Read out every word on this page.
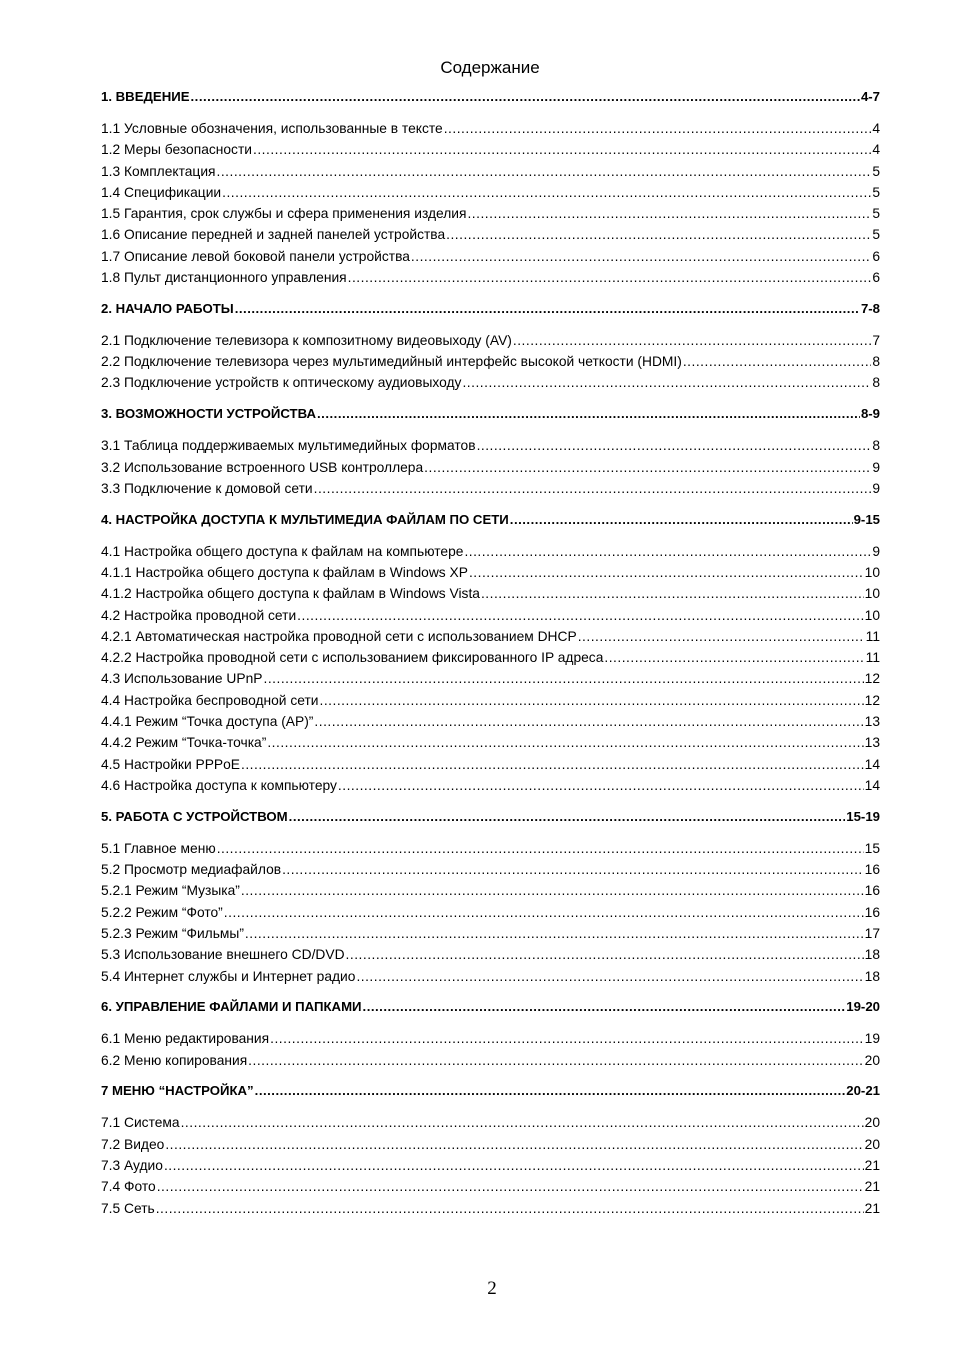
Содержание
1. ВВЕДЕНИЕ .....	4-7
1.1 Условные обозначения, использованные в тексте .....	4
1.2 Меры безопасности .....	4
1.3 Комплектация .....	5
1.4 Спецификации .....	5
1.5 Гарантия, срок службы и сфера применения изделия .....	5
1.6 Описание передней и задней панелей устройства .....	5
1.7 Описание левой боковой панели устройства .....	6
1.8 Пульт дистанционного управления .....	6
2. НАЧАЛО РАБОТЫ .....	7-8
2.1 Подключение телевизора к композитному видеовыходу (AV) .....	7
2.2 Подключение телевизора через мультимедийный интерфейс высокой четкости (HDMI) .....	8
2.3 Подключение устройств к оптическому аудиовыходу .....	8
3. ВОЗМОЖНОСТИ УСТРОЙСТВА .....	8-9
3.1 Таблица поддерживаемых мультимедийных форматов .....	8
3.2 Использование встроенного USB контроллера .....	9
3.3 Подключение к домовой сети .....	9
4. НАСТРОЙКА ДОСТУПА К МУЛЬТИМЕДИА ФАЙЛАМ ПО СЕТИ .....	9-15
4.1 Настройка общего доступа к файлам на компьютере .....	9
4.1.1 Настройка общего доступа к файлам в Windows XP .....	10
4.1.2 Настройка общего доступа к файлам в Windows Vista .....	10
4.2 Настройка проводной сети .....	10
4.2.1 Автоматическая настройка проводной сети с использованием DHCP .....	11
4.2.2 Настройка проводной сети с использованием фиксированного IP адреса .....	11
4.3 Использование UPnP .....	12
4.4 Настройка беспроводной сети .....	12
4.4.1 Режим “Точка доступа (AP)” .....	13
4.4.2 Режим “Точка-точка” .....	13
4.5 Настройки PPPoE .....	14
4.6 Настройка доступа к компьютеру .....	14
5. РАБОТА С УСТРОЙСТВОМ .....	15-19
5.1 Главное меню .....	15
5.2 Просмотр медиафайлов .....	16
5.2.1 Режим “Музыка” .....	16
5.2.2 Режим “Фото” .....	16
5.2.3 Режим “Фильмы” .....	17
5.3 Использование внешнего CD/DVD .....	18
5.4 Интернет службы и Интернет радио .....	18
6. УПРАВЛЕНИЕ ФАЙЛАМИ И ПАПКАМИ .....	19-20
6.1 Меню редактирования .....	19
6.2 Меню копирования .....	20
7 МЕНЮ “НАСТРОЙКА” .....	20-21
7.1 Система .....	20
7.2 Видео .....	20
7.3 Аудио .....	21
7.4 Фото .....	21
7.5 Сеть .....	21
2
